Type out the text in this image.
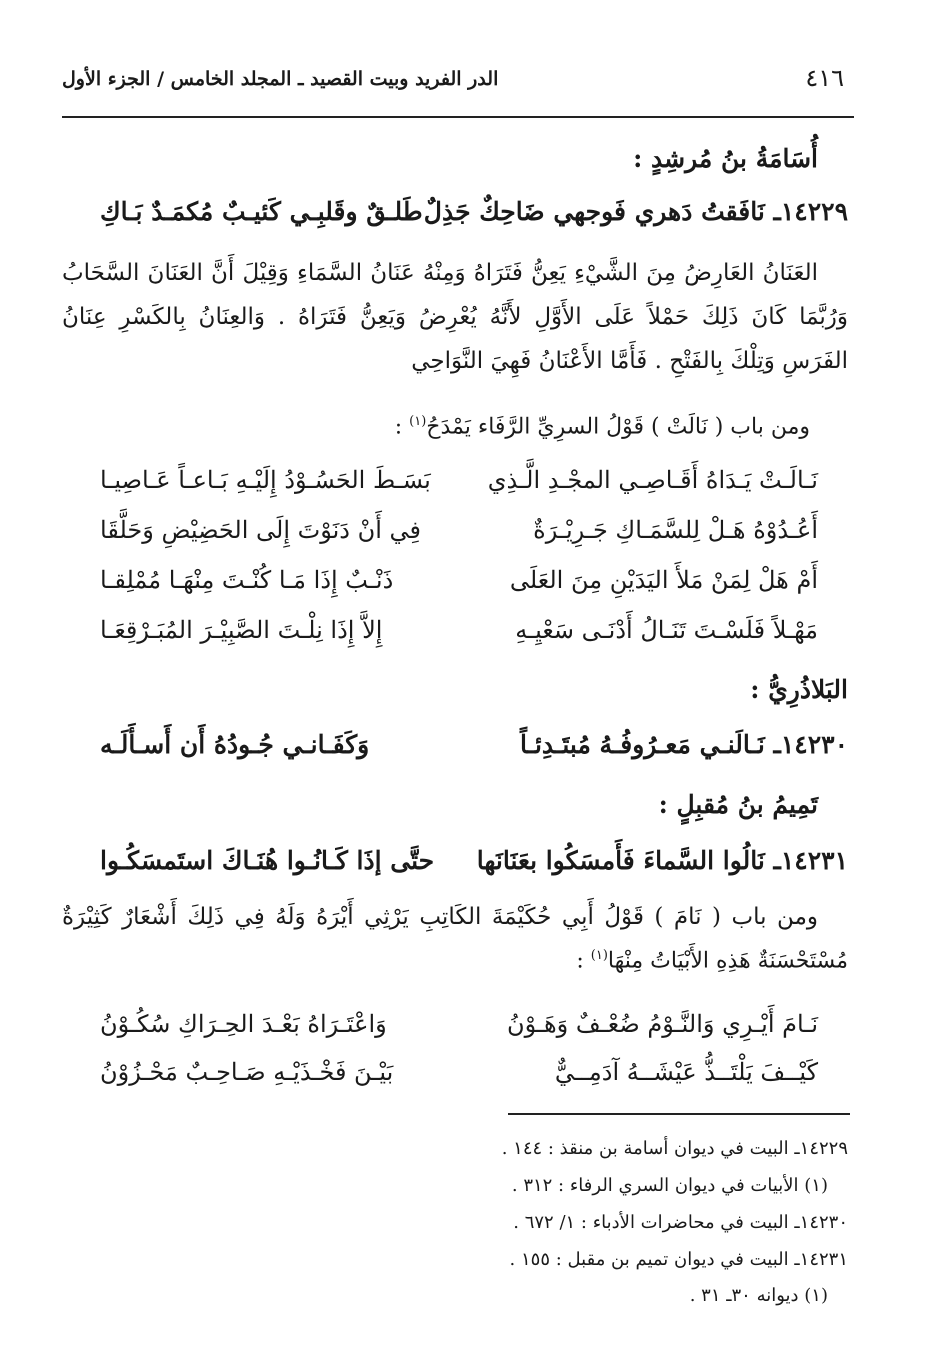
٤١٦
الدر الفريد وبيت القصيد ـ المجلد الخامس / الجزء الأول
أُسَامَةُ بنُ مُرشِدٍ :
١٤٢٢٩ـ نَافَقتُ دَهري فَوجهي ضَاحِكٌ جَذِلٌ
طَلـقٌ وقَلبِـي كَئيـبٌ مُكمَـدٌ بَـاكِ
العَنَانُ العَارِضُ مِنَ الشَّيْءِ يَعِنُّ فَتَرَاهُ وَمِنْهُ عَنَانُ السَّمَاءِ وَقِيْلَ أَنَّ العَنَانَ السَّحَابُ
وَرُبَّمَا كَانَ ذَلِكَ حَمْلاً عَلَى الأَوَّلِ لأَنَّهُ يُعْرِضُ وَيَعِنُّ فَتَرَاهُ . وَالعِنَانُ بِالكَسْرِ عِنَانُ
الفَرَسِ وَتِلْكَ بِالفَتْحِ . فَأَمَّا الأَعْنَانُ فَهِيَ النَّوَاحِي
ومن باب ( نَالَتْ ) قَوْلُ السرِيِّ الرَّفَاء يَمْدَحُ$^{(١)}$ :
نَـالَـتْ يَـدَاهُ أَقَـاصِـي المجْـدِ الَّـذِي
بَسَـطَ الحَسُـوْدُ إِلَيْـهِ بَـاعـاً عَـاصِيـا
أَعُـدُوْهُ هَـلْ لِلسَّمَـاكِ جَـرِيْـرَةٌ
فِي أَنْ دَنَوْتَ إِلَى الحَضِيْضِ وَحَلَّقَا
أَمْ هَلْ لِمَنْ مَلأَ اليَدَيْنِ مِنَ العَلَى
ذَنْـبٌ إِذَا مَـا كُنْـتَ مِنْهَـا مُمْلِقـا
مَهْـلاً فَلَسْـتَ تَنَـالُ أَدْنَـى سَعْيِـهِ
إِلاَّ إِذَا نِلْـتَ الصَّبِيْـرَ المُبَـرْقِعَـا
البَلاذُرِيُّ :
١٤٢٣٠ـ نَـالَنـي مَعـرُوفُـهُ مُبتَـدِئـاً
وَكَفَـانـي جُـودُهُ أَن أَسـأَلَـه
تَمِيمُ بنُ مُقبِلٍ :
١٤٢٣١ـ نَالُوا السَّماءَ فَأَمسَكُوا بعَنَانَها
حتَّى إذَا كَـانُـوا هُنَـاكَ استَمسَكُـوا
ومن باب ( نَامَ ) قَوْلُ أَبِي حُكَيْمَةَ الكَاتِبِ يَرْثِي أَيْرَهُ وَلَهُ فِي ذَلِكَ أَشْعَارٌ كَثِيْرَةٌ
مُسْتَحْسَنَةٌ هَذِهِ الأَبْيَاتُ مِنْهَا$^{(١)}$ :
نَـامَ أَيْـرِي وَالنَّـوْمُ ضُعْـفٌ وَهَـوْنُ
وَاعْتَـرَاهُ بَعْـدَ الحِـرَاكِ سُكُـوْنُ
كَيْــفَ يَلْتَــذُّ عَيْشَــهُ آدَمِــيٌّ
بَيْـنَ فَخْـذَيْـهِ صَـاحِـبٌ مَحْـزُوْنُ
١٤٢٢٩ـ البيت في ديوان أسامة بن منقذ : ١٤٤ .
(١) الأبيات في ديوان السري الرفاء : ٣١٢ .
١٤٢٣٠ـ البيت في محاضرات الأدباء : ١/ ٦٧٢ .
١٤٢٣١ـ البيت في ديوان تميم بن مقبل : ١٥٥ .
(١) ديوانه ٣٠ـ ٣١ .
